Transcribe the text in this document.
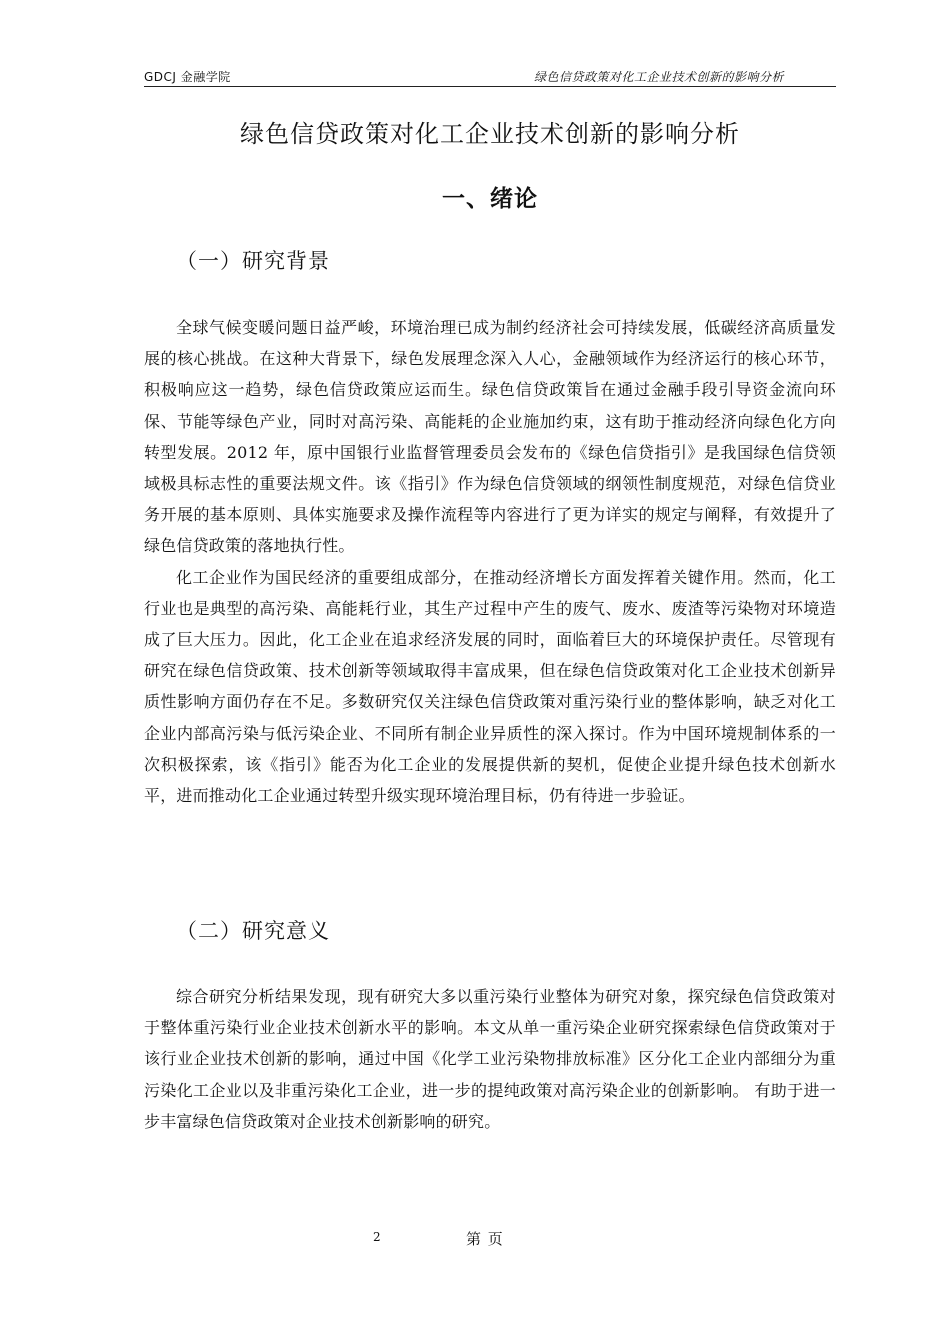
GDCJ 金融学院	绿色信贷政策对化工企业技术创新的影响分析
绿色信贷政策对化工企业技术创新的影响分析
一、绪论
（一）研究背景

全球气候变暖问题日益严峻，环境治理已成为制约经济社会可持续发展，低碳经济高质量发展的核心挑战。在这种大背景下，绿色发展理念深入人心，金融领域作为经济运行的核心环节，积极响应这一趋势，绿色信贷政策应运而生。绿色信贷政策旨在通过金融手段引导资金流向环保、节能等绿色产业，同时对高污染、高能耗的企业施加约束，这有助于推动经济向绿色化方向转型发展。2012 年，原中国银行业监督管理委员会发布的《绿色信贷指引》是我国绿色信贷领域极具标志性的重要法规文件。该《指引》作为绿色信贷领域的纲领性制度规范，对绿色信贷业务开展的基本原则、具体实施要求及操作流程等内容进行了更为详实的规定与阐释，有效提升了绿色信贷政策的落地执行性。

化工企业作为国民经济的重要组成部分，在推动经济增长方面发挥着关键作用。然而，化工行业也是典型的高污染、高能耗行业，其生产过程中产生的废气、废水、废渣等污染物对环境造成了巨大压力。因此，化工企业在追求经济发展的同时，面临着巨大的环境保护责任。尽管现有研究在绿色信贷政策、技术创新等领域取得丰富成果，但在绿色信贷政策对化工企业技术创新异质性影响方面仍存在不足。多数研究仅关注绿色信贷政策对重污染行业的整体影响，缺乏对化工企业内部高污染与低污染企业、不同所有制企业异质性的深入探讨。作为中国环境规制体系的一次积极探索，该《指引》能否为化工企业的发展提供新的契机，促使企业提升绿色技术创新水平，进而推动化工企业通过转型升级实现环境治理目标，仍有待进一步验证。

（二）研究意义

综合研究分析结果发现，现有研究大多以重污染行业整体为研究对象，探究绿色信贷政策对于整体重污染行业企业技术创新水平的影响。本文从单一重污染企业研究探索绿色信贷政策对于该行业企业技术创新的影响，通过中国《化学工业污染物排放标准》区分化工企业内部细分为重污染化工企业以及非重污染化工企业，进一步的提纯政策对高污染企业的创新影响。 有助于进一步丰富绿色信贷政策对企业技术创新影响的研究。

2	第 页
